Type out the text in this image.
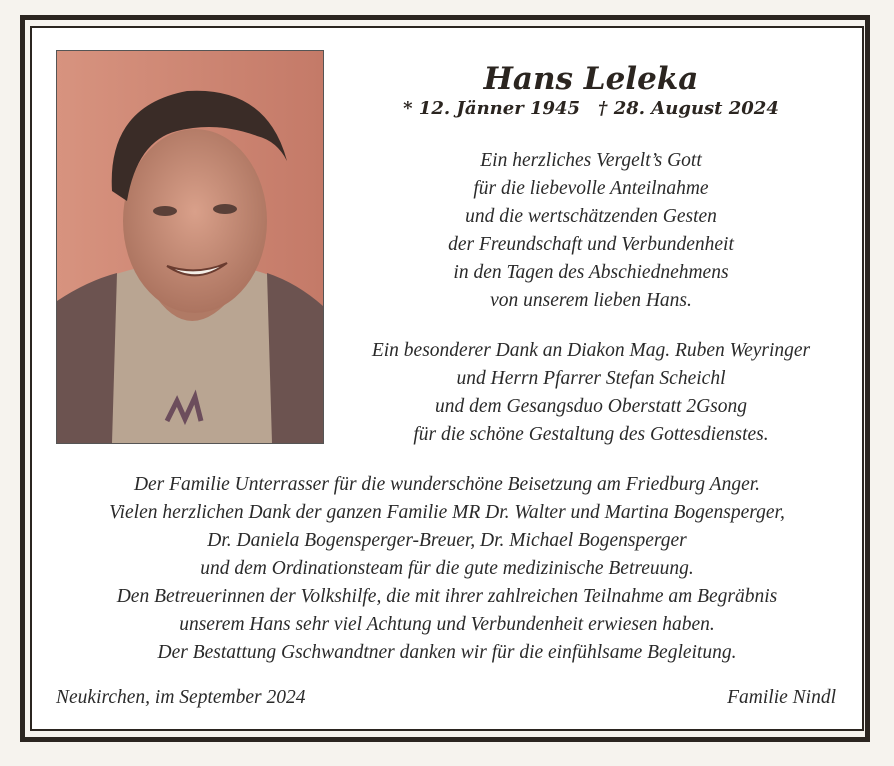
Hans Leleka
* 12. Jänner 1945 † 28. August 2024
Ein herzliches Vergelt’s Gott
für die liebevolle Anteilnahme
und die wertschätzenden Gesten
der Freundschaft und Verbundenheit
in den Tagen des Abschiednehmens
von unserem lieben Hans.
Ein besonderer Dank an Diakon Mag. Ruben Weyringer
und Herrn Pfarrer Stefan Scheichl
und dem Gesangsduo Oberstatt 2Gsong
für die schöne Gestaltung des Gottesdienstes.
Der Familie Unterrasser für die wunderschöne Beisetzung am Friedburg Anger.
Vielen herzlichen Dank der ganzen Familie MR Dr. Walter und Martina Bogensperger,
Dr. Daniela Bogensperger-Breuer, Dr. Michael Bogensperger
und dem Ordinationsteam für die gute medizinische Betreuung.
Den Betreuerinnen der Volkshilfe, die mit ihrer zahlreichen Teilnahme am Begräbnis
unserem Hans sehr viel Achtung und Verbundenheit erwiesen haben.
Der Bestattung Gschwandtner danken wir für die einfühlsame Begleitung.
Neukirchen, im September 2024	Familie Nindl
